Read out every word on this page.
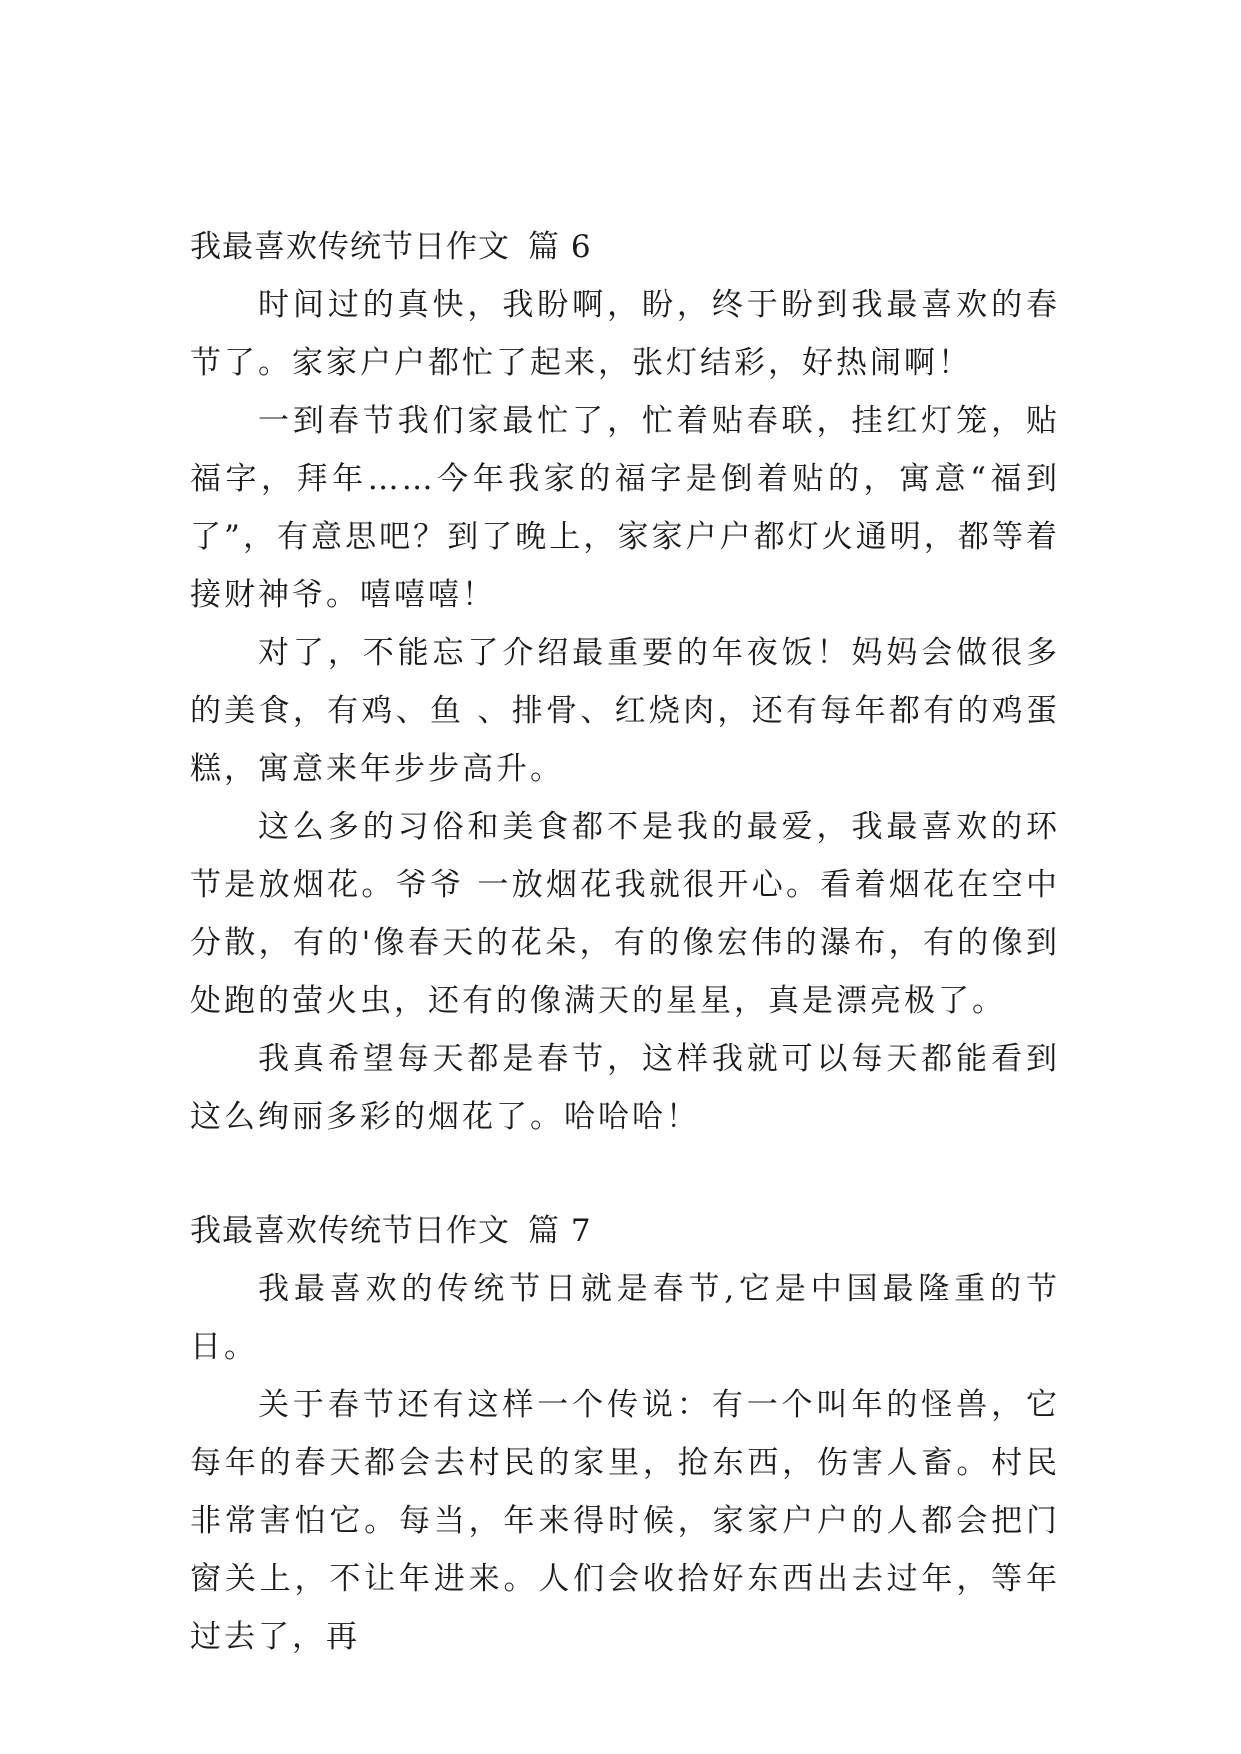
我最喜欢传统节日作文 篇 6

时间过的真快，我盼啊，盼，终于盼到我最喜欢的春节了。家家户户都忙了起来，张灯结彩，好热闹啊！

一到春节我们家最忙了，忙着贴春联，挂红灯笼，贴福字，拜年……今年我家的福字是倒着贴的，寓意“福到了”，有意思吧？到了晚上，家家户户都灯火通明，都等着接财神爷。嘻嘻嘻！

对了，不能忘了介绍最重要的年夜饭！妈妈会做很多的美食，有鸡、鱼 、排骨、红烧肉，还有每年都有的鸡蛋糕，寓意来年步步高升。

这么多的习俗和美食都不是我的最爱，我最喜欢的环节是放烟花。爷爷 一放烟花我就很开心。看着烟花在空中分散，有的'像春天的花朵，有的像宏伟的瀑布，有的像到处跑的萤火虫，还有的像满天的星星，真是漂亮极了。

我真希望每天都是春节，这样我就可以每天都能看到这么绚丽多彩的烟花了。哈哈哈！

我最喜欢传统节日作文 篇 7

我最喜欢的传统节日就是春节,它是中国最隆重的节日。

关于春节还有这样一个传说：有一个叫年的怪兽，它每年的春天都会去村民的家里，抢东西，伤害人畜。村民非常害怕它。每当，年来得时候，家家户户的人都会把门窗关上，不让年进来。人们会收拾好东西出去过年，等年过去了，再
